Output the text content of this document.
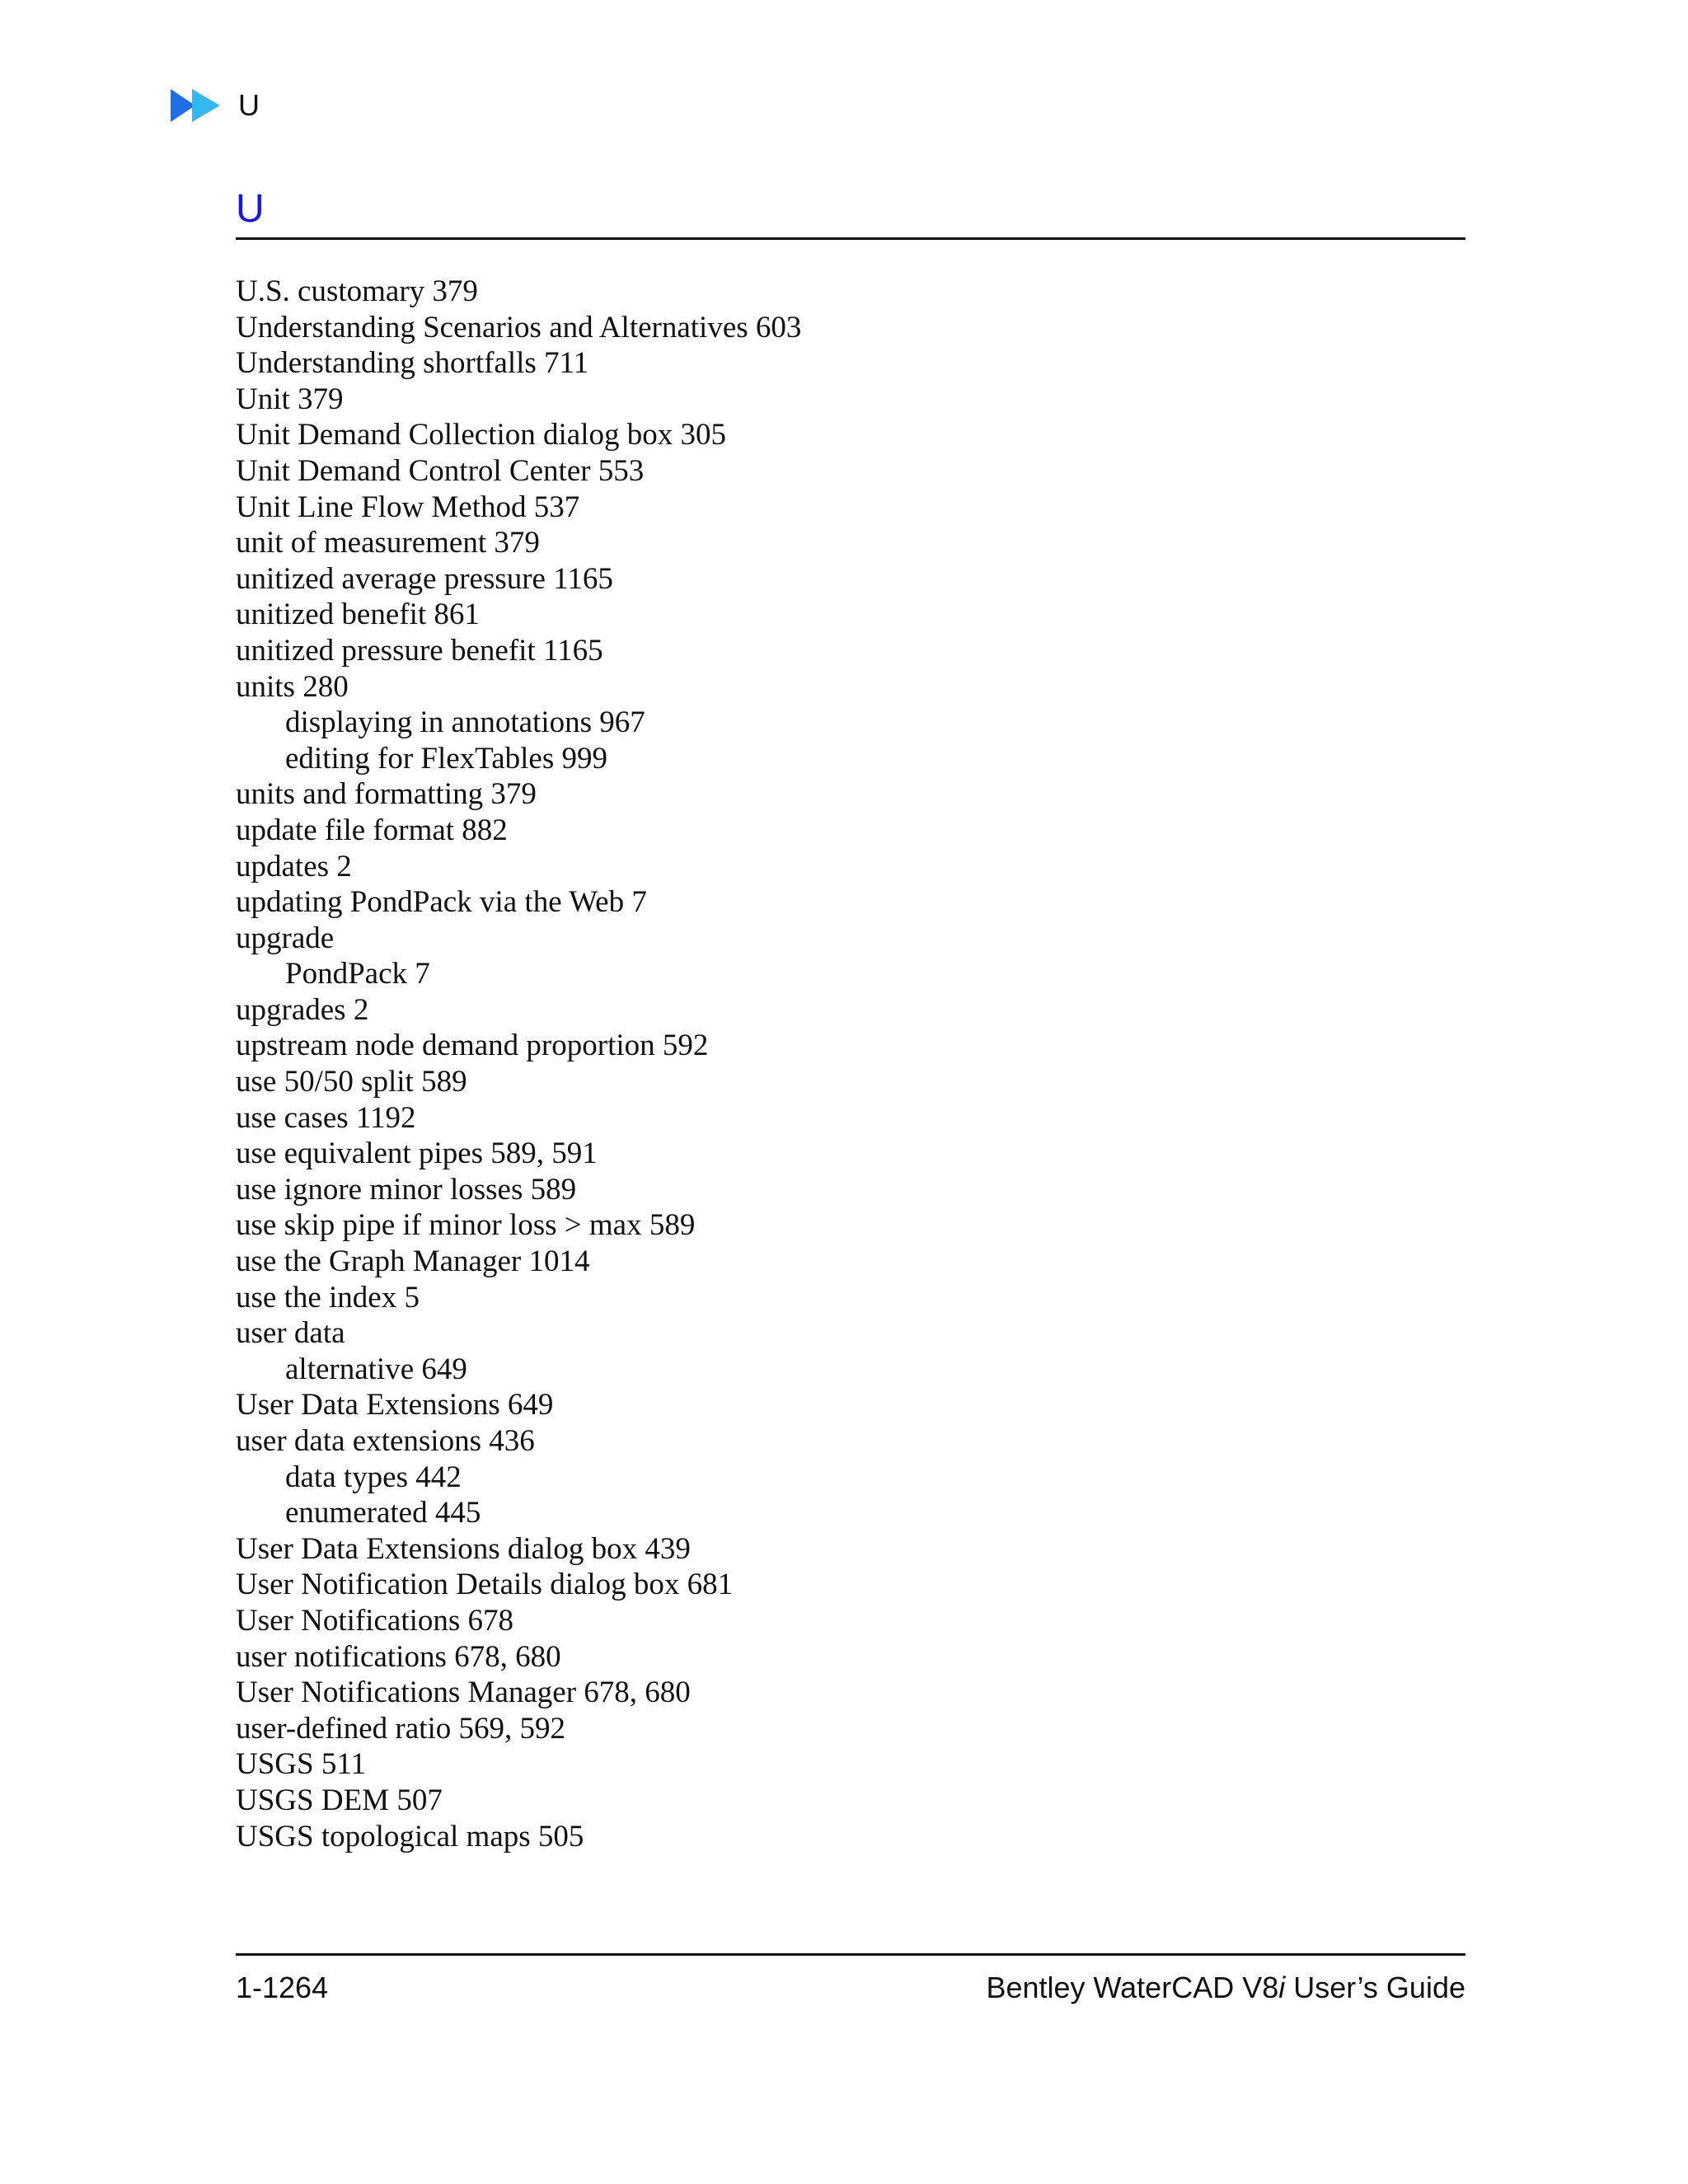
U
U
U.S. customary 379
Understanding Scenarios and Alternatives 603
Understanding shortfalls 711
Unit 379
Unit Demand Collection dialog box 305
Unit Demand Control Center 553
Unit Line Flow Method 537
unit of measurement 379
unitized average pressure 1165
unitized benefit 861
unitized pressure benefit 1165
units 280
displaying in annotations 967
editing for FlexTables 999
units and formatting 379
update file format 882
updates 2
updating PondPack via the Web 7
upgrade
PondPack 7
upgrades 2
upstream node demand proportion 592
use 50/50 split 589
use cases 1192
use equivalent pipes 589, 591
use ignore minor losses 589
use skip pipe if minor loss > max 589
use the Graph Manager 1014
use the index 5
user data
alternative 649
User Data Extensions 649
user data extensions 436
data types 442
enumerated 445
User Data Extensions dialog box 439
User Notification Details dialog box 681
User Notifications 678
user notifications 678, 680
User Notifications Manager 678, 680
user-defined ratio 569, 592
USGS 511
USGS DEM 507
USGS topological maps 505
1-1264	Bentley WaterCAD V8i User’s Guide
